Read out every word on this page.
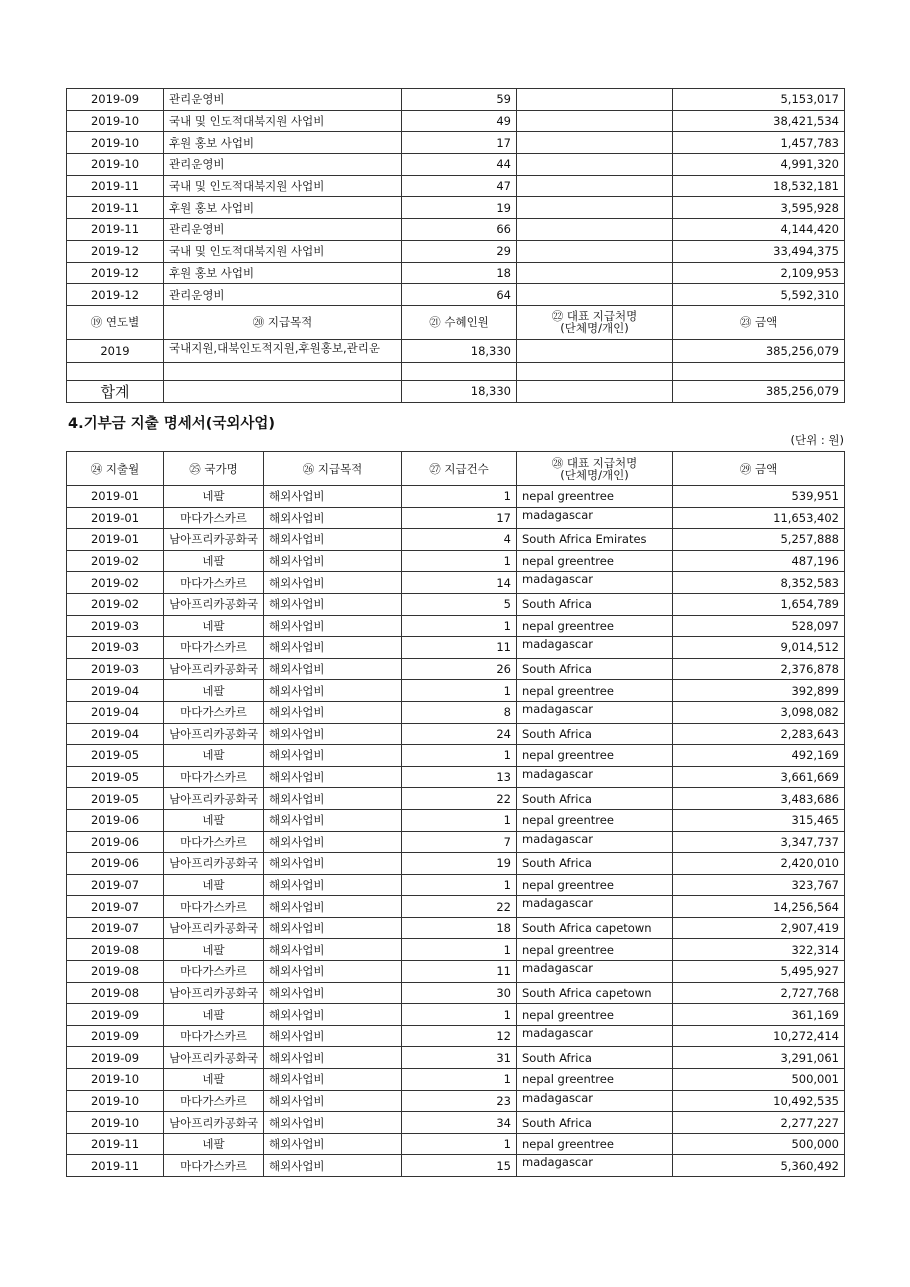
2019-09	관리운영비	59		5,153,017
2019-10	국내 및 인도적대북지원 사업비	49		38,421,534
2019-10	후원 홍보 사업비	17		1,457,783
2019-10	관리운영비	44		4,991,320
2019-11	국내 및 인도적대북지원 사업비	47		18,532,181
2019-11	후원 홍보 사업비	19		3,595,928
2019-11	관리운영비	66		4,144,420
2019-12	국내 및 인도적대북지원 사업비	29		33,494,375
2019-12	후원 홍보 사업비	18		2,109,953
2019-12	관리운영비	64		5,592,310
⑲ 연도별	⑳ 지급목적	㉑ 수혜인원	㉒ 대표 지급처명
(단체명/개인)	㉓ 금액
2019	국내지원,대북인도적지원,후원홍보,관리운	18,330		385,256,079

합계		18,330		385,256,079
4.기부금 지출 명세서(국외사업)
(단위 : 원)
㉔ 지출월	㉕ 국가명	㉖ 지급목적	㉗ 지급건수	㉘ 대표 지급처명
(단체명/개인)	㉙ 금액
2019-01	네팔	해외사업비	1	nepal greentree	539,951
2019-01	마다가스카르	해외사업비	17	madagascar	11,653,402
2019-01	남아프리카공화국	해외사업비	4	South Africa Emirates	5,257,888
2019-02	네팔	해외사업비	1	nepal greentree	487,196
2019-02	마다가스카르	해외사업비	14	madagascar	8,352,583
2019-02	남아프리카공화국	해외사업비	5	South Africa	1,654,789
2019-03	네팔	해외사업비	1	nepal greentree	528,097
2019-03	마다가스카르	해외사업비	11	madagascar	9,014,512
2019-03	남아프리카공화국	해외사업비	26	South Africa	2,376,878
2019-04	네팔	해외사업비	1	nepal greentree	392,899
2019-04	마다가스카르	해외사업비	8	madagascar	3,098,082
2019-04	남아프리카공화국	해외사업비	24	South Africa	2,283,643
2019-05	네팔	해외사업비	1	nepal greentree	492,169
2019-05	마다가스카르	해외사업비	13	madagascar	3,661,669
2019-05	남아프리카공화국	해외사업비	22	South Africa	3,483,686
2019-06	네팔	해외사업비	1	nepal greentree	315,465
2019-06	마다가스카르	해외사업비	7	madagascar	3,347,737
2019-06	남아프리카공화국	해외사업비	19	South Africa	2,420,010
2019-07	네팔	해외사업비	1	nepal greentree	323,767
2019-07	마다가스카르	해외사업비	22	madagascar	14,256,564
2019-07	남아프리카공화국	해외사업비	18	South Africa capetown	2,907,419
2019-08	네팔	해외사업비	1	nepal greentree	322,314
2019-08	마다가스카르	해외사업비	11	madagascar	5,495,927
2019-08	남아프리카공화국	해외사업비	30	South Africa capetown	2,727,768
2019-09	네팔	해외사업비	1	nepal greentree	361,169
2019-09	마다가스카르	해외사업비	12	madagascar	10,272,414
2019-09	남아프리카공화국	해외사업비	31	South Africa	3,291,061
2019-10	네팔	해외사업비	1	nepal greentree	500,001
2019-10	마다가스카르	해외사업비	23	madagascar	10,492,535
2019-10	남아프리카공화국	해외사업비	34	South Africa	2,277,227
2019-11	네팔	해외사업비	1	nepal greentree	500,000
2019-11	마다가스카르	해외사업비	15	madagascar	5,360,492
